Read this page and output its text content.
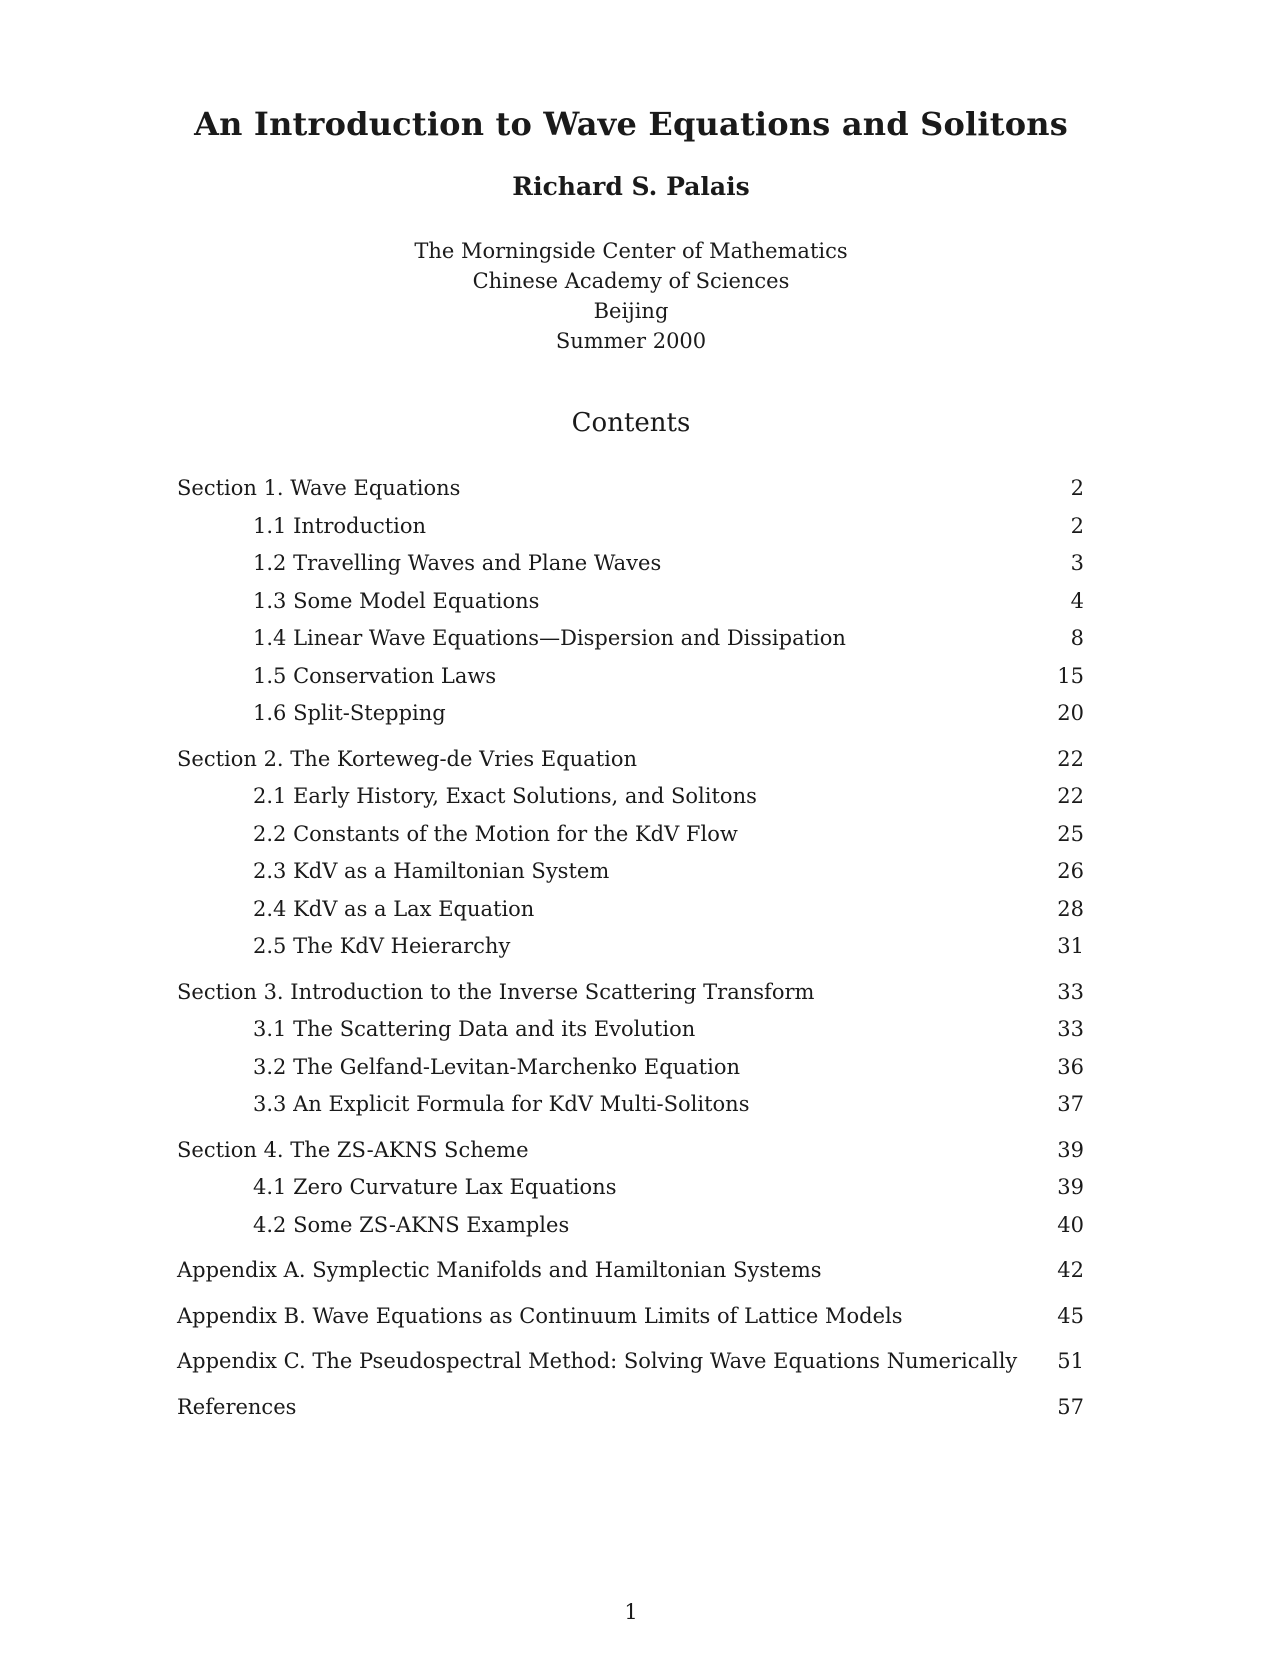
An Introduction to Wave Equations and Solitons
Richard S. Palais
The Morningside Center of Mathematics
Chinese Academy of Sciences
Beijing
Summer 2000
Contents
Section 1. Wave Equations	2
1.1 Introduction	2
1.2 Travelling Waves and Plane Waves	3
1.3 Some Model Equations	4
1.4 Linear Wave Equations—Dispersion and Dissipation	8
1.5 Conservation Laws	15
1.6 Split-Stepping	20
Section 2. The Korteweg-de Vries Equation	22
2.1 Early History, Exact Solutions, and Solitons	22
2.2 Constants of the Motion for the KdV Flow	25
2.3 KdV as a Hamiltonian System	26
2.4 KdV as a Lax Equation	28
2.5 The KdV Heierarchy	31
Section 3. Introduction to the Inverse Scattering Transform	33
3.1 The Scattering Data and its Evolution	33
3.2 The Gelfand-Levitan-Marchenko Equation	36
3.3 An Explicit Formula for KdV Multi-Solitons	37
Section 4. The ZS-AKNS Scheme	39
4.1 Zero Curvature Lax Equations	39
4.2 Some ZS-AKNS Examples	40
Appendix A. Symplectic Manifolds and Hamiltonian Systems	42
Appendix B. Wave Equations as Continuum Limits of Lattice Models	45
Appendix C. The Pseudospectral Method: Solving Wave Equations Numerically 51
References	57
1
